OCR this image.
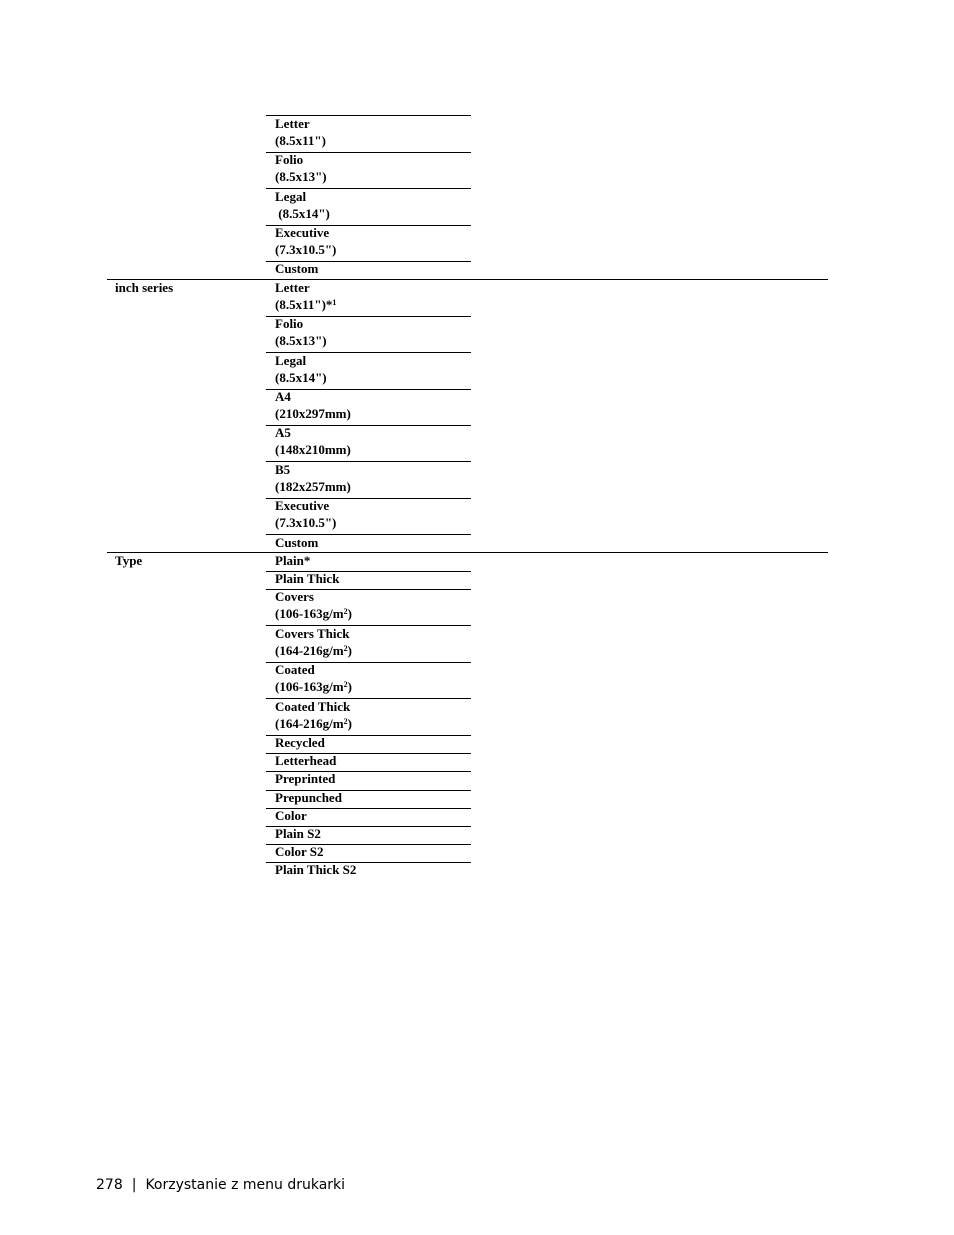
Letter
(8.5x11")
Folio
(8.5x13")
Legal
(8.5x14")
Executive
(7.3x10.5")
Custom
inch series	Letter
(8.5x11")*$^1$
Folio
(8.5x13")
Legal
(8.5x14")
A4
(210x297mm)
A5
(148x210mm)
B5
(182x257mm)
Executive
(7.3x10.5")
Custom
Type	Plain*
Plain Thick
Covers
$(106-163g/m^2)$
Covers Thick
$(164-216g/m^2)$
Coated
$(106-163g/m^2)$
Coated Thick
$(164-216g/m^2)$
Recycled
Letterhead
Preprinted
Prepunched
Color
Plain S2
Color S2
Plain Thick S2
278 | Korzystanie z menu drukarki
